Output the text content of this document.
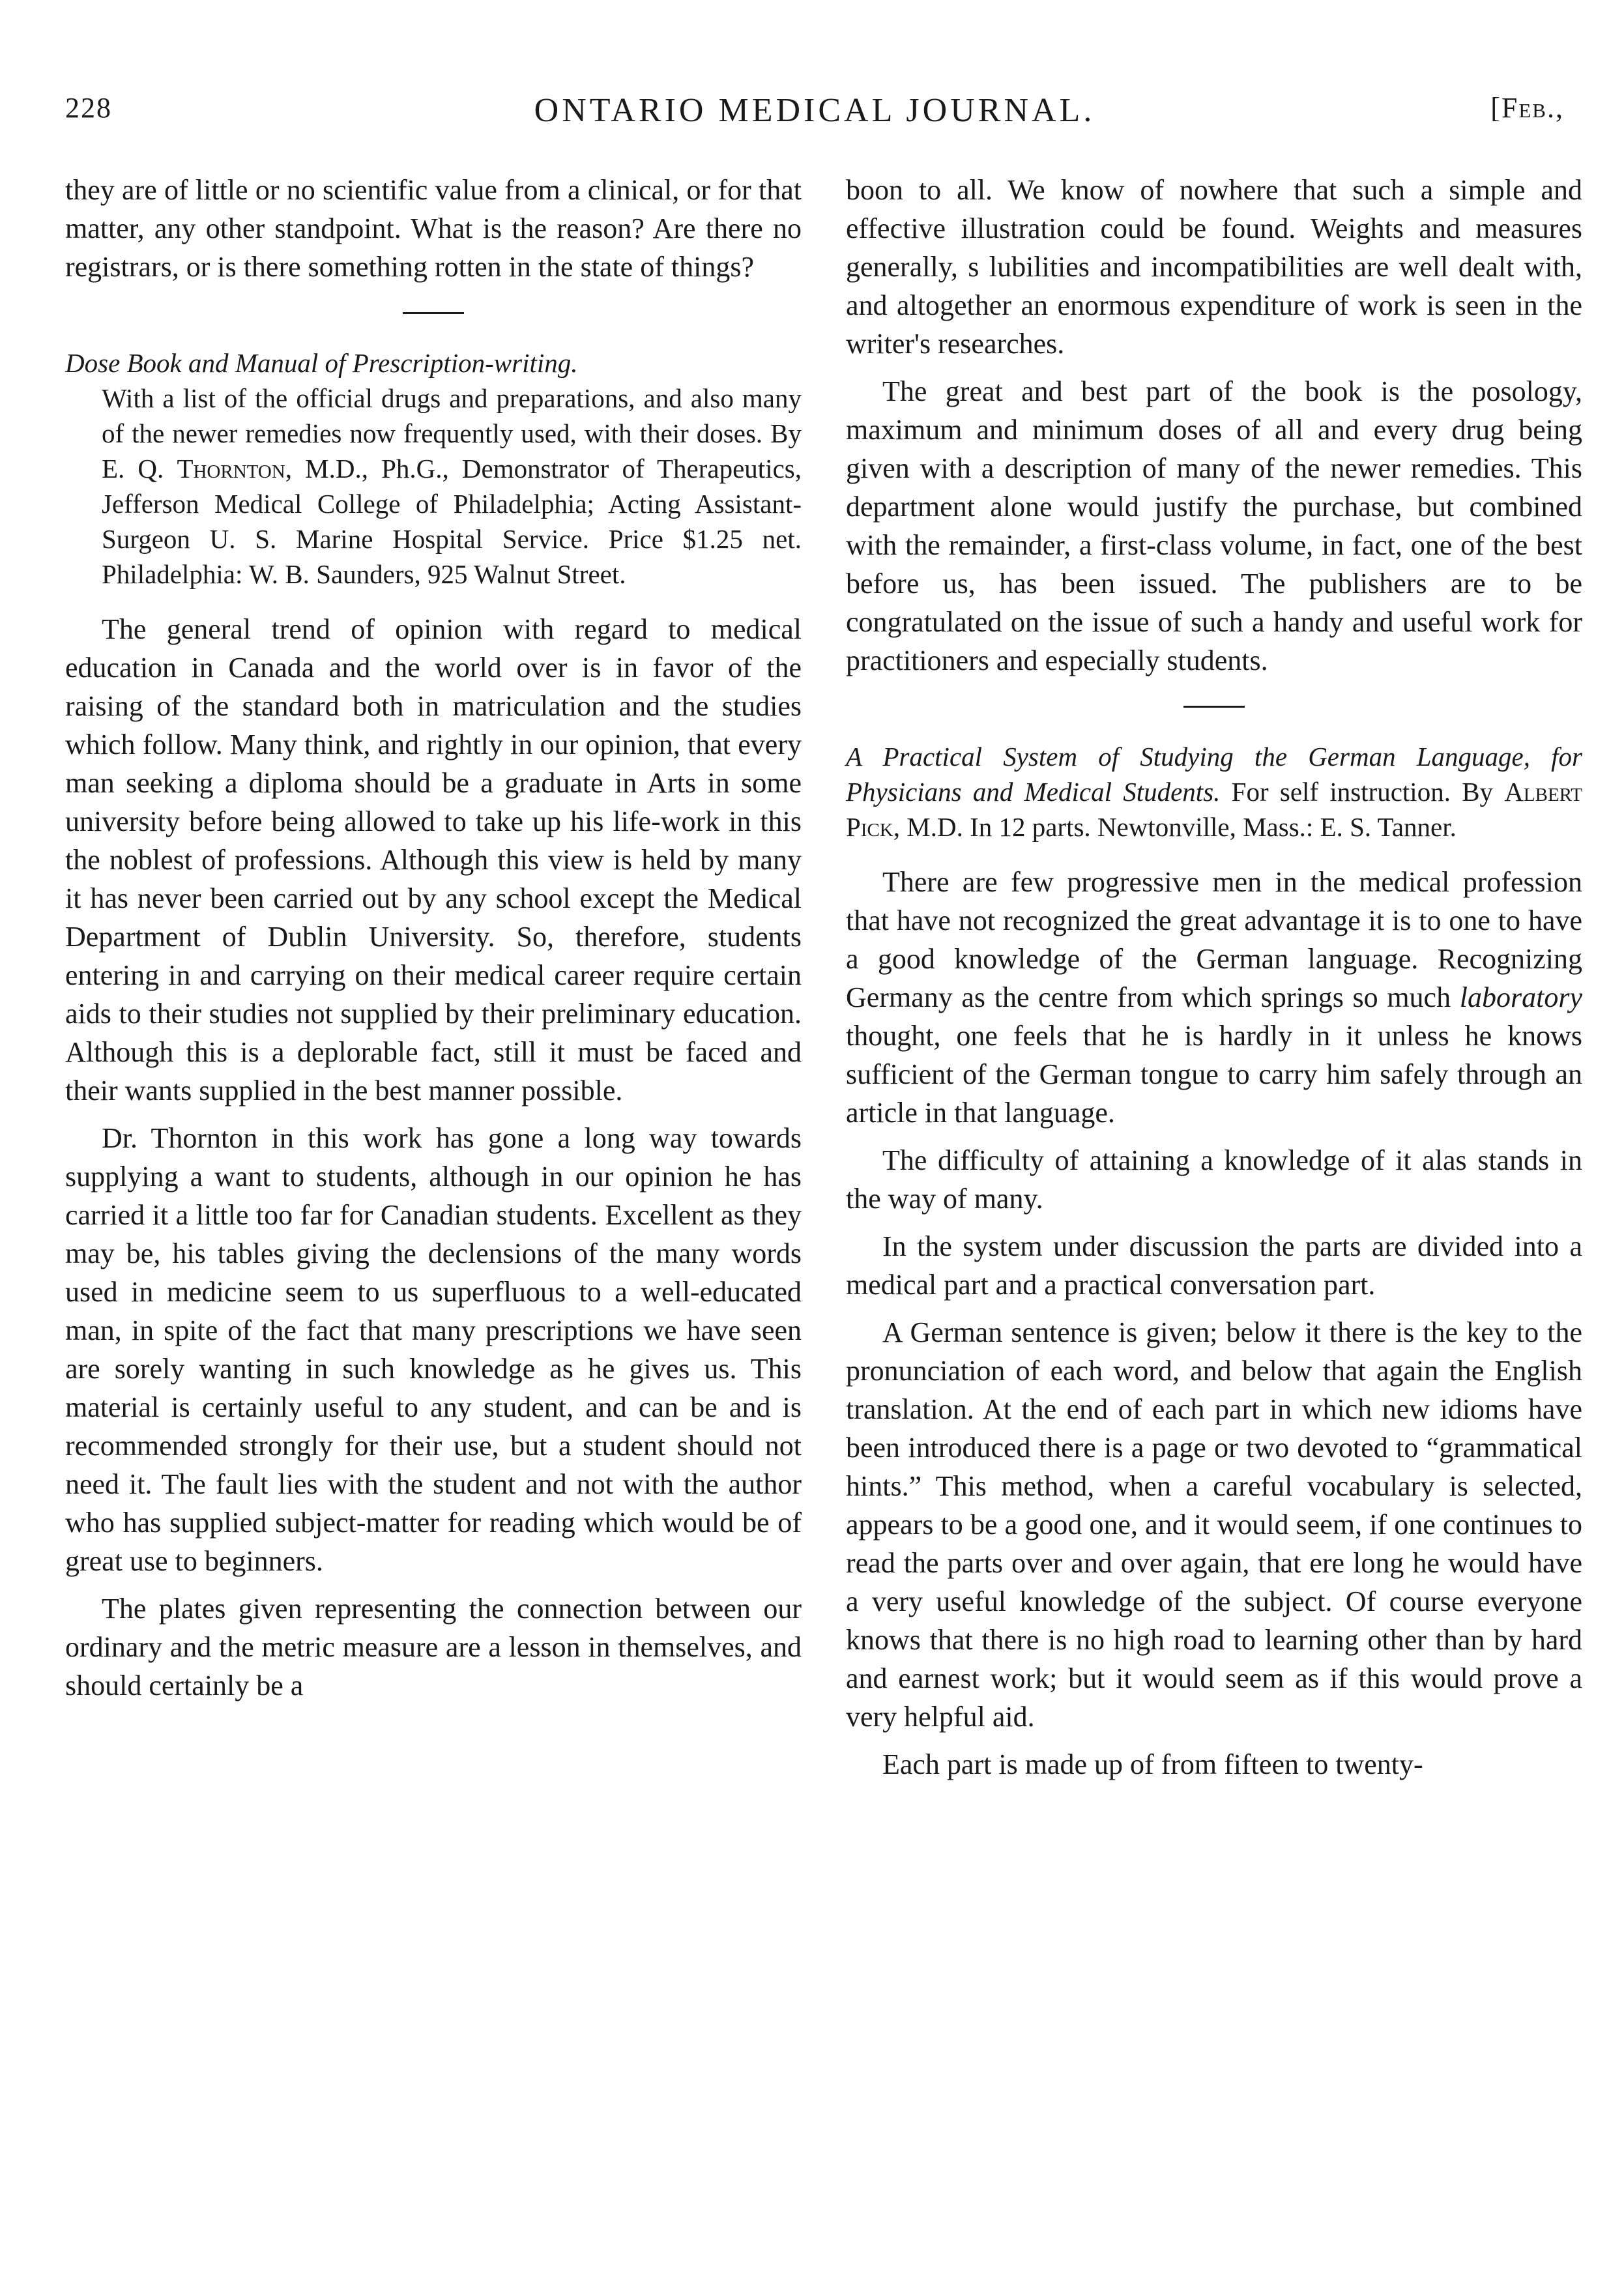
228	ONTARIO MEDICAL JOURNAL.	[Feb.,

they are of little or no scientific value from a clinical, or for that matter, any other standpoint. What is the reason? Are there no registrars, or is there something rotten in the state of things?

Dose Book and Manual of Prescription-writing.
With a list of the official drugs and preparations, and also many of the newer remedies now frequently used, with their doses. By E. Q. Thornton, M.D., Ph.G., Demonstrator of Therapeutics, Jefferson Medical College of Philadelphia; Acting Assistant-Surgeon U. S. Marine Hospital Service. Price $1.25 net. Philadelphia: W. B. Saunders, 925 Walnut Street.

The general trend of opinion with regard to medical education in Canada and the world over is in favor of the raising of the standard both in matriculation and the studies which follow. Many think, and rightly in our opinion, that every man seeking a diploma should be a graduate in Arts in some university before being allowed to take up his life-work in this the noblest of professions. Although this view is held by many it has never been carried out by any school except the Medical Department of Dublin University. So, therefore, students entering in and carrying on their medical career require certain aids to their studies not supplied by their preliminary education. Although this is a deplorable fact, still it must be faced and their wants supplied in the best manner possible.

Dr. Thornton in this work has gone a long way towards supplying a want to students, although in our opinion he has carried it a little too far for Canadian students. Excellent as they may be, his tables giving the declensions of the many words used in medicine seem to us superfluous to a well-educated man, in spite of the fact that many prescriptions we have seen are sorely wanting in such knowledge as he gives us. This material is certainly useful to any student, and can be and is recommended strongly for their use, but a student should not need it. The fault lies with the student and not with the author who has supplied subject-matter for reading which would be of great use to beginners.

The plates given representing the connection between our ordinary and the metric measure are a lesson in themselves, and should certainly be a

boon to all. We know of nowhere that such a simple and effective illustration could be found. Weights and measures generally, s lubilities and incompatibilities are well dealt with, and altogether an enormous expenditure of work is seen in the writer's researches.

The great and best part of the book is the posology, maximum and minimum doses of all and every drug being given with a description of many of the newer remedies. This department alone would justify the purchase, but combined with the remainder, a first-class volume, in fact, one of the best before us, has been issued. The publishers are to be congratulated on the issue of such a handy and useful work for practitioners and especially students.

A Practical System of Studying the German Language, for Physicians and Medical Students. For self instruction. By Albert Pick, M.D. In 12 parts. Newtonville, Mass.: E. S. Tanner.

There are few progressive men in the medical profession that have not recognized the great advantage it is to one to have a good knowledge of the German language. Recognizing Germany as the centre from which springs so much laboratory thought, one feels that he is hardly in it unless he knows sufficient of the German tongue to carry him safely through an article in that language.

The difficulty of attaining a knowledge of it alas stands in the way of many.

In the system under discussion the parts are divided into a medical part and a practical conversation part.

A German sentence is given; below it there is the key to the pronunciation of each word, and below that again the English translation. At the end of each part in which new idioms have been introduced there is a page or two devoted to “grammatical hints.” This method, when a careful vocabulary is selected, appears to be a good one, and it would seem, if one continues to read the parts over and over again, that ere long he would have a very useful knowledge of the subject. Of course everyone knows that there is no high road to learning other than by hard and earnest work; but it would seem as if this would prove a very helpful aid.

Each part is made up of from fifteen to twenty-
